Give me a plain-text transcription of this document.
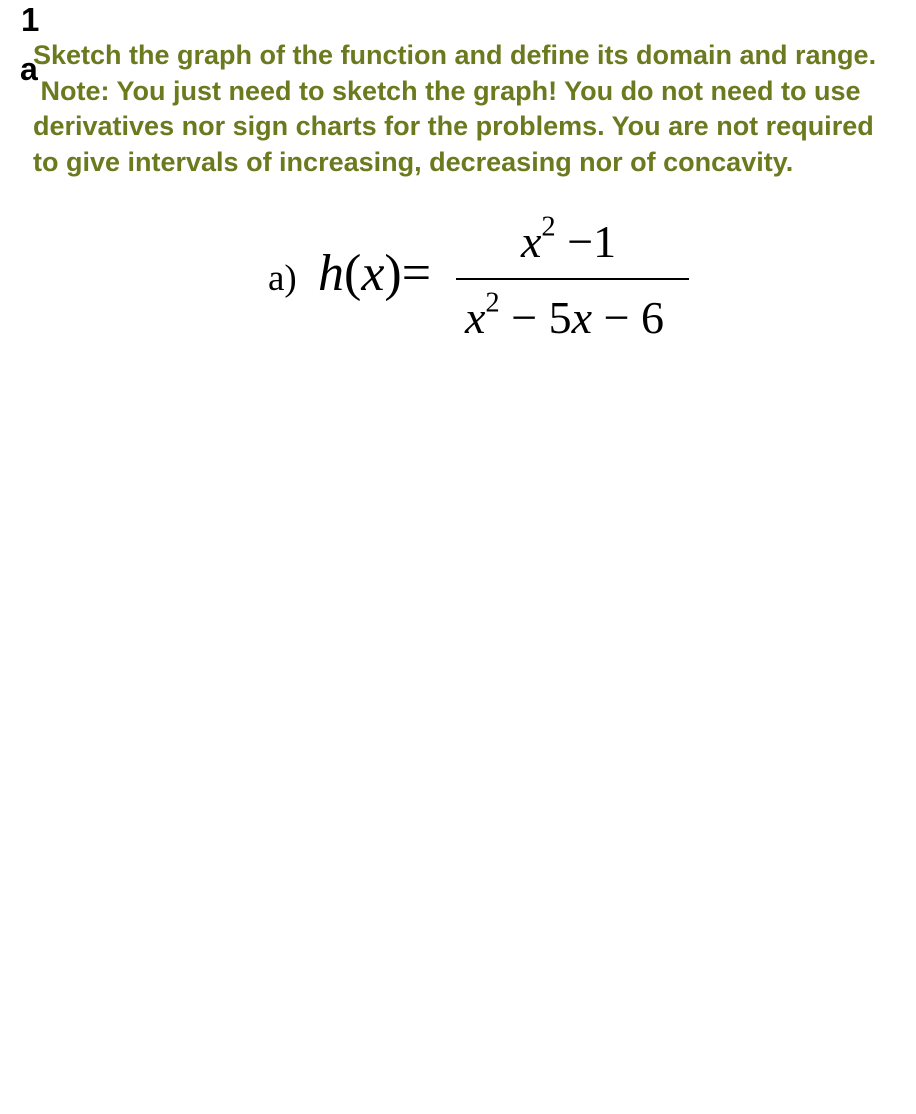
1
a

Sketch the graph of the function and define its domain and range.

Note: You just need to sketch the graph! You do not need to use derivatives nor sign charts for the problems. You are not required to give intervals of increasing, decreasing nor of concavity.

a) h(x)=
$x^2 -1$
$x^2 - 5x - 6$
